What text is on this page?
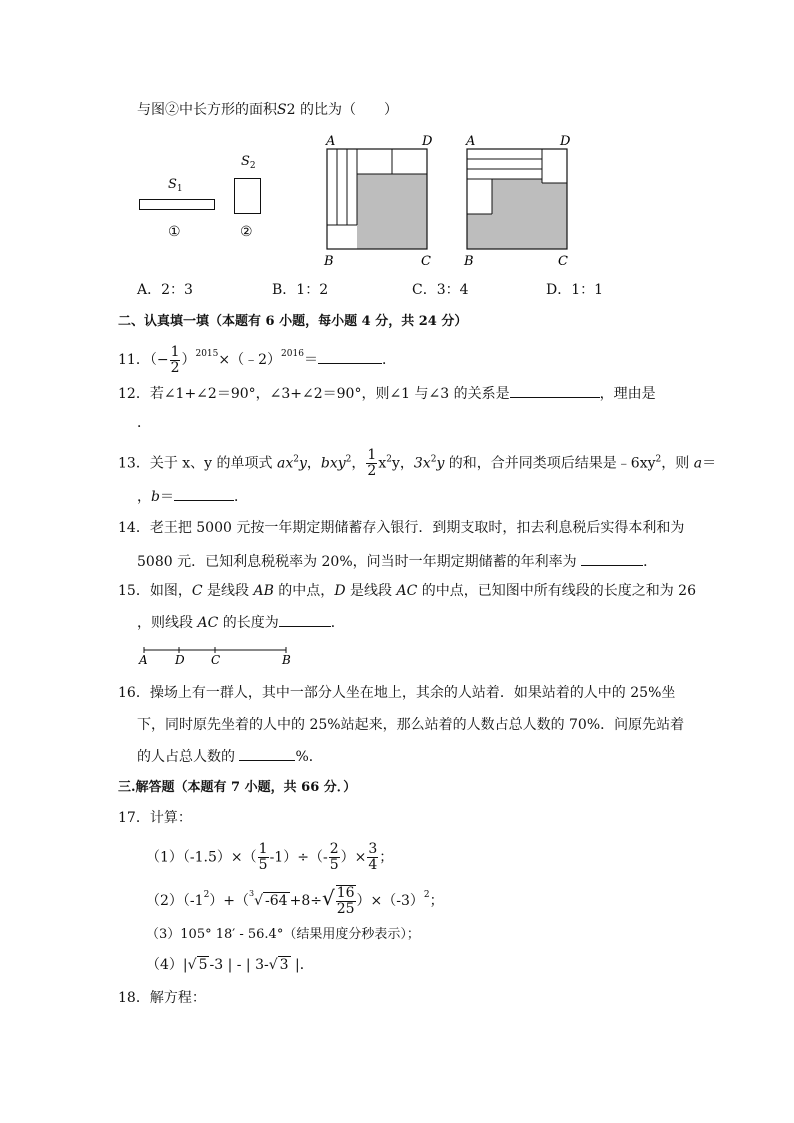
与图②中长方形的面积S2 的比为（　　）
$S_1$
①
$S_2$
②
A	D
B	C
A	D
B	C
A．2：3	B．1：2	C．3：4	D．1：1
二、认真填一填（本题有 6 小题，每小题 4 分，共 24 分）
11．（− $\frac{1}{2}$ ）$^{2015}$×（﹣2）$^{2016}$＝	．
12．若∠1+∠2＝90°，∠3+∠2＝90°，则∠1 与∠3 的关系是	，理由是
．
13．关于 x、y 的单项式 $ax^2y$，bxy$^2$， $\frac{1}{2} x^2y$，$3x^2y$ 的和，合并同类项后结果是$﹣6xy^2$，则 a＝
，b＝	．
14．老王把 5000 元按一年期定期储蓄存入银行．到期支取时，扣去利息税后实得本利和为
5080 元．已知利息税税率为 20%，问当时一年期定期储蓄的年利率为	．
15．如图，C 是线段 AB 的中点，D 是线段 AC 的中点，已知图中所有线段的长度之和为 26
，则线段 AC 的长度为	．
A D C	B
16．操场上有一群人，其中一部分人坐在地上，其余的人站着．如果站着的人中的 25%坐
下，同时原先坐着的人中的 25%站起来，那么站着的人数占总人数的 70%．问原先站着
的人占总人数的	%．
三.解答题（本题有 7 小题，共 66 分．）
17．计算：
$(1)(-1.5)\times( \frac{1}{5} -1)\div(- \frac{2}{5}$ ）× $\frac{3}{4}$ ；
$(2)(-1^2)+(^3√$ $-64 +8\div√ \frac{16}{25} )\times(-3)^2$；
（3）105° 18′ - 56.4°（结果用度分秒表示）；
（4）|√ 5 -3 | - | 3-√ 3 |．
18．解方程：
